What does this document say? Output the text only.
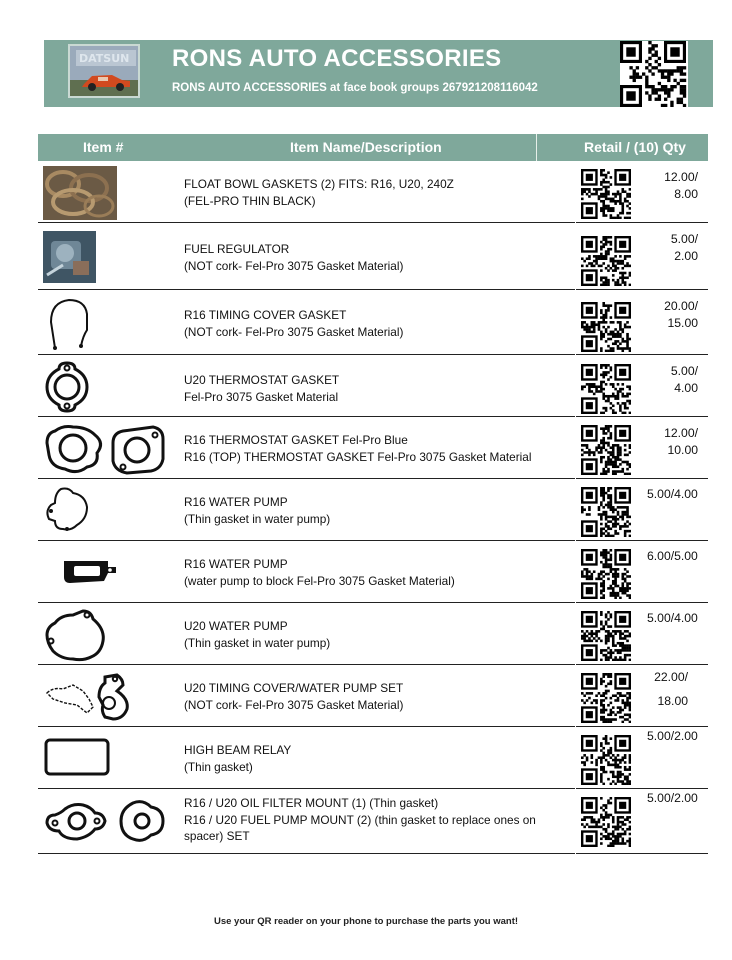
DATSUN RONS AUTO ACCESSORIES
RONS AUTO ACCESSORIES at face book groups 267921208116042
Item #	Item Name/Description	Retail / (10) Qty
FLOAT BOWL GASKETS (2) FITS: R16, U20, 240Z
(FEL-PRO THIN BLACK)
12.00/
8.00
FUEL REGULATOR
(NOT cork- Fel-Pro 3075 Gasket Material)
5.00/
2.00
R16 TIMING COVER GASKET
(NOT cork- Fel-Pro 3075 Gasket Material)
20.00/
15.00
U20 THERMOSTAT GASKET
Fel-Pro 3075 Gasket Material
5.00/
4.00
R16 THERMOSTAT GASKET Fel-Pro Blue
R16 (TOP) THERMOSTAT GASKET Fel-Pro 3075 Gasket Material
12.00/
10.00
R16 WATER PUMP
(Thin gasket in water pump)
5.00/4.00
R16 WATER PUMP
(water pump to block Fel-Pro 3075 Gasket Material)
6.00/5.00
U20 WATER PUMP
(Thin gasket in water pump)
5.00/4.00
U20 TIMING COVER/WATER PUMP SET
(NOT cork- Fel-Pro 3075 Gasket Material)
22.00/
18.00
HIGH BEAM RELAY
(Thin gasket)
5.00/2.00
R16 / U20 OIL FILTER MOUNT (1) (Thin gasket)
R16 / U20 FUEL PUMP MOUNT (2) (thin gasket to replace ones on
spacer) SET
5.00/2.00
Use your QR reader on your phone to purchase the parts you want!
